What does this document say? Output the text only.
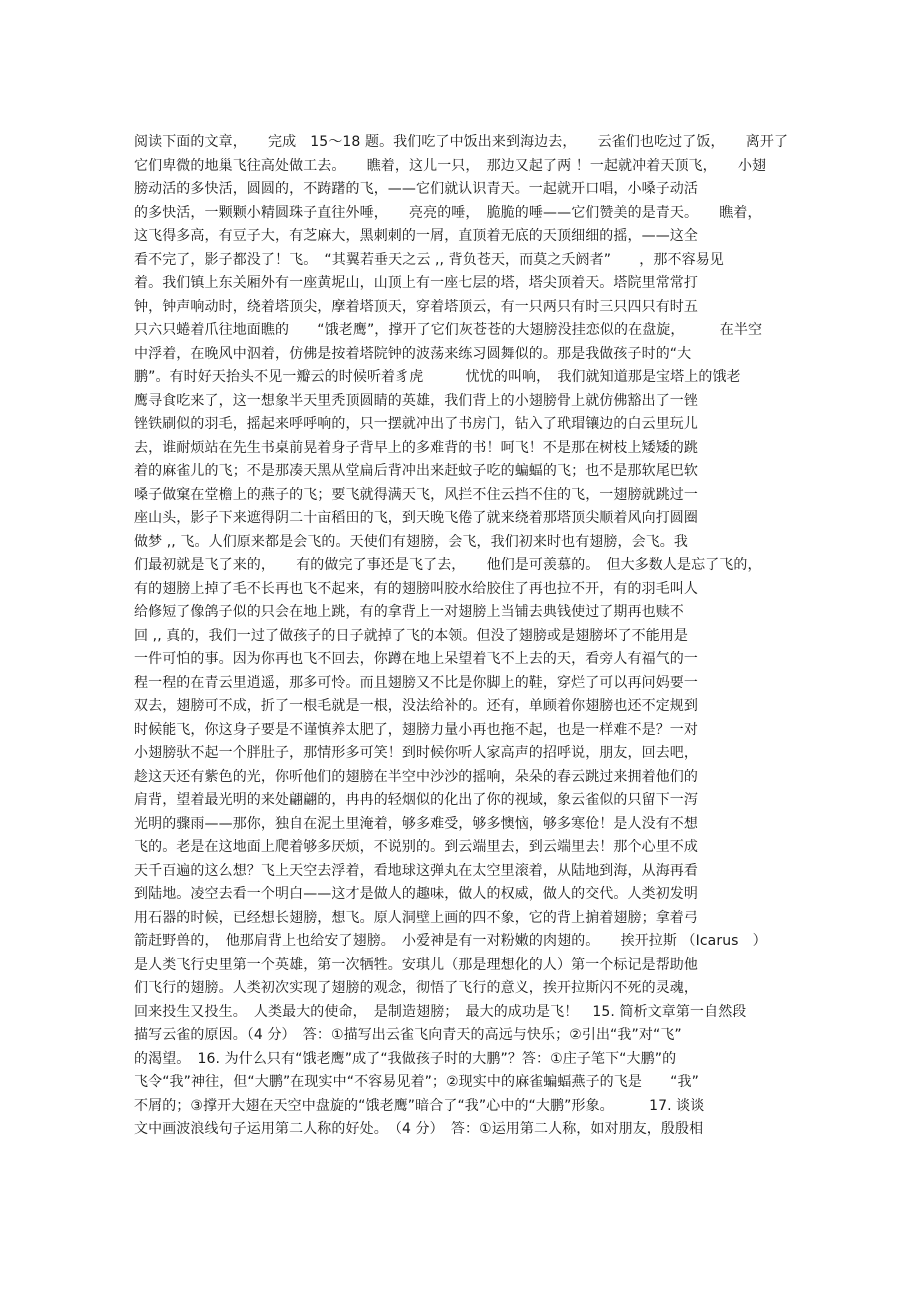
阅读下面的文章，　　完成　15～18 题。我们吃了中饭出来到海边去，　　云雀们也吃过了饭，　　离开了
它们卑微的地巢飞往高处做工去。　　瞧着，这儿一只，　那边又起了两 ！一起就冲着天顶飞，　　小翅
膀动活的多快活，圆圆的，不踌躇的飞，——它们就认识青天。一起就开口唱，小嗓子动活
的多快活，一颗颗小精圆珠子直往外唾，　　亮亮的唾，　脆脆的唾——它们赞美的是青天。　　瞧着，
这飞得多高，有豆子大，有芝麻大，黑刺刺的一屑，直顶着无底的天顶细细的摇，——这全
看不完了，影子都没了！飞。　“其翼若垂天之云 ,, 背负苍天，而莫之夭阏者”　　，那不容易见
着。我们镇上东关厢外有一座黄坭山，山顶上有一座七层的塔，塔尖顶着天。塔院里常常打
钟，钟声响动时，绕着塔顶尖，摩着塔顶天，穿着塔顶云，有一只两只有时三只四只有时五
只六只蜷着爪往地面瞧的　　“饿老鹰”，撑开了它们灰苍苍的大翅膀没挂恋似的在盘旋，　　　在半空
中浮着，在晚风中泅着，仿佛是按着塔院钟的波荡来练习圆舞似的。那是我做孩子时的“大
鹏”。有时好天抬头不见一瓣云的时候听着豸虎　　　忧忧的叫响，　我们就知道那是宝塔上的饿老
鹰寻食吃来了，这一想象半天里秃顶圆睛的英雄，我们背上的小翅膀骨上就仿佛豁出了一锉
锉铁刷似的羽毛，摇起来呼呼响的，只一摆就冲出了书房门，钻入了玳瑁镶边的白云里玩儿
去，谁耐烦站在先生书桌前晃着身子背早上的多难背的书！呵飞！不是那在树枝上矮矮的跳
着的麻雀儿的飞；不是那凑天黑从堂扁后背冲出来赶蚊子吃的蝙蝠的飞；也不是那软尾巴软
嗓子做窠在堂檐上的燕子的飞；要飞就得满天飞，风拦不住云挡不住的飞，一翅膀就跳过一
座山头，影子下来遮得阴二十亩稻田的飞，到天晚飞倦了就来绕着那塔顶尖顺着风向打圆圈
做梦 ,, 飞。人们原来都是会飞的。天使们有翅膀，会飞，我们初来时也有翅膀，会飞。我
们最初就是飞了来的，　　有的做完了事还是飞了去，　　他们是可羡慕的。　但大多数人是忘了飞的，
有的翅膀上掉了毛不长再也飞不起来，有的翅膀叫胶水给胶住了再也拉不开，有的羽毛叫人
给修短了像鸽子似的只会在地上跳，有的拿背上一对翅膀上当铺去典钱使过了期再也赎不
回 ,, 真的，我们一过了做孩子的日子就掉了飞的本领。但没了翅膀或是翅膀坏了不能用是
一件可怕的事。因为你再也飞不回去，你蹲在地上呆望着飞不上去的天，看旁人有福气的一
程一程的在青云里逍遥，那多可怜。而且翅膀又不比是你脚上的鞋，穿烂了可以再问妈要一
双去，翅膀可不成，折了一根毛就是一根，没法给补的。还有，单顾着你翅膀也还不定规到
时候能飞，你这身子要是不谨慎养太肥了，翅膀力量小再也拖不起，也是一样难不是？一对
小翅膀驮不起一个胖肚子，那情形多可笑！到时候你听人家高声的招呼说，朋友，回去吧，
趁这天还有紫色的光，你听他们的翅膀在半空中沙沙的摇响，朵朵的春云跳过来拥着他们的
肩背，望着最光明的来处翩翩的，冉冉的轻烟似的化出了你的视域，象云雀似的只留下一泻
光明的骤雨——那你，独自在泥土里淹着，够多难受，够多懊恼，够多寒伧！是人没有不想
飞的。老是在这地面上爬着够多厌烦，不说别的。到云端里去，到云端里去！那个心里不成
天千百遍的这么想？飞上天空去浮着，看地球这弹丸在太空里滚着，从陆地到海，从海再看
到陆地。凌空去看一个明白——这才是做人的趣味，做人的权威，做人的交代。人类初发明
用石器的时候，已经想长翅膀，想飞。原人洞壁上画的四不象，它的背上掮着翅膀；拿着弓
箭赶野兽的，　他那肩背上也给安了翅膀。　小爱神是有一对粉嫩的肉翅的。　　挨开拉斯 （Icarus　）
是人类飞行史里第一个英雄，第一次牺牲。安琪儿（那是理想化的人）第一个标记是帮助他
们飞行的翅膀。人类初次实现了翅膀的观念，彻悟了飞行的意义，挨开拉斯闪不死的灵魂，
回来投生又投生。　人类最大的使命，　是制造翅膀；　最大的成功是飞！　15. 简析文章第一自然段
描写云雀的原因。（4 分）　答：①描写出云雀飞向青天的高远与快乐；②引出“我”对“飞”
的渴望。　16. 为什么只有“饿老鹰”成了“我做孩子时的大鹏”？答：①庄子笔下“大鹏”的
飞令“我”神往，但“大鹏”在现实中“不容易见着”；②现实中的麻雀蝙蝠燕子的飞是　　“我”
不屑的；③撑开大翅在天空中盘旋的“饿老鹰”暗合了“我”心中的“大鹏”形象。　　　17. 谈谈
文中画波浪线句子运用第二人称的好处。　（4 分）　答：①运用第二人称，如对朋友，殷殷相
